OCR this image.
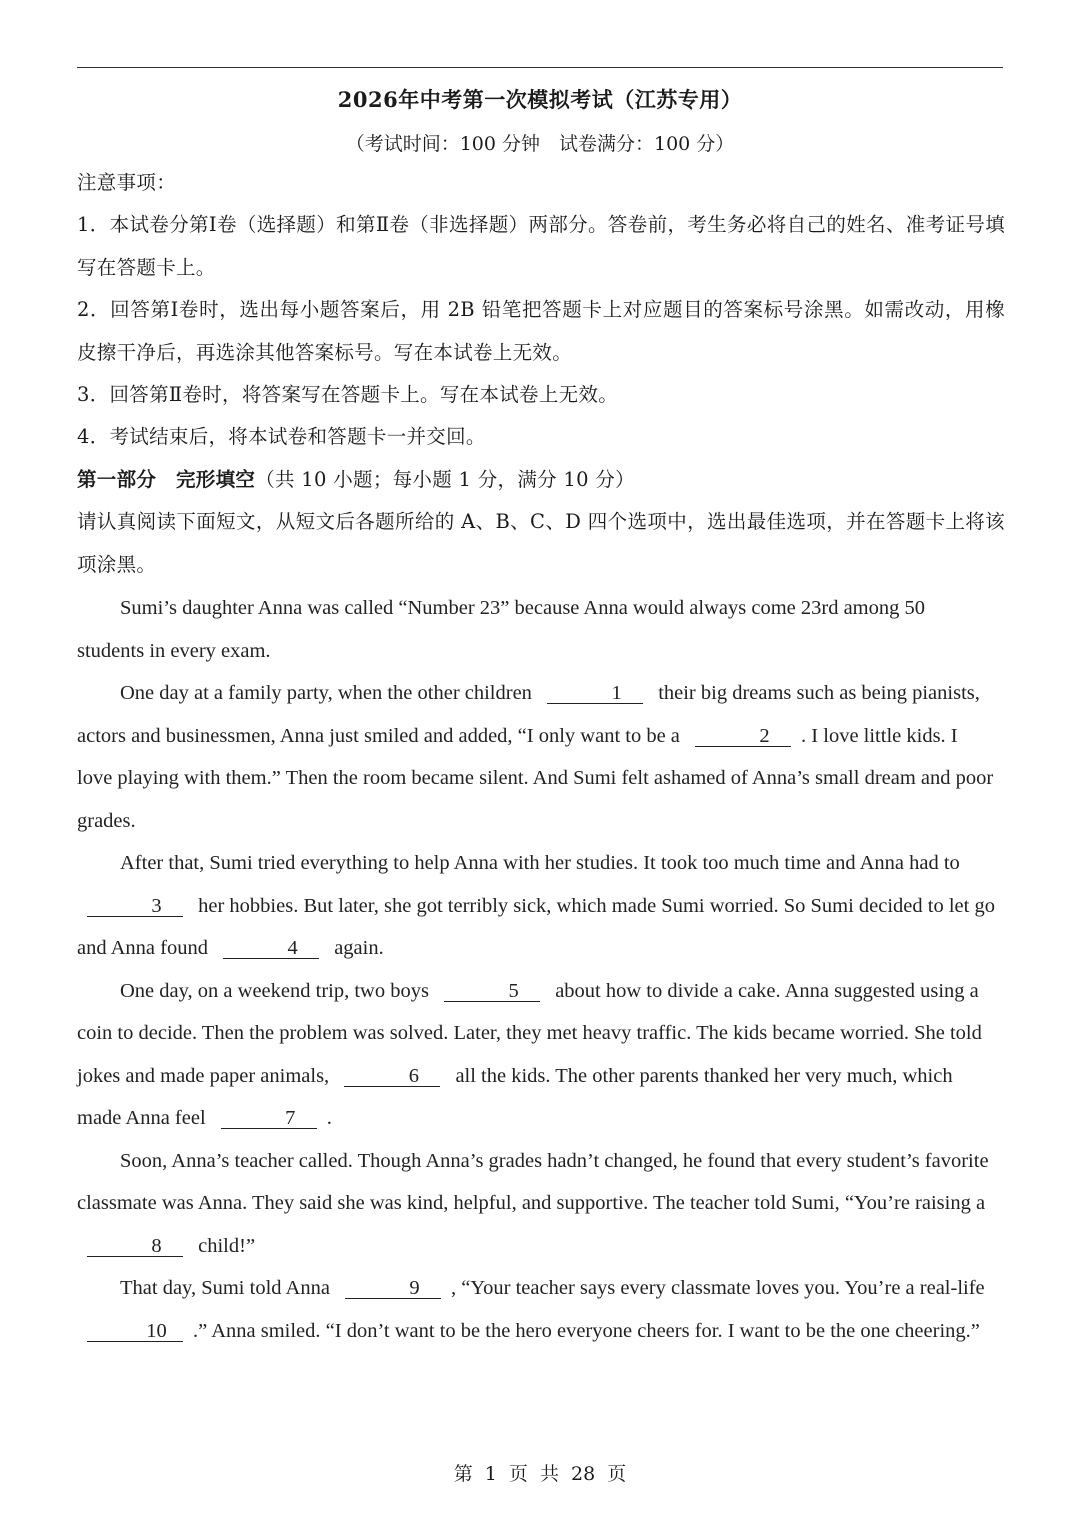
2026年中考第一次模拟考试（江苏专用）
（考试时间：100 分钟　试卷满分：100 分）
注意事项：
1．本试卷分第Ⅰ卷（选择题）和第Ⅱ卷（非选择题）两部分。答卷前，考生务必将自己的姓名、准考证号填写在答题卡上。
2．回答第Ⅰ卷时，选出每小题答案后，用 2B 铅笔把答题卡上对应题目的答案标号涂黑。如需改动，用橡皮擦干净后，再选涂其他答案标号。写在本试卷上无效。
3．回答第Ⅱ卷时，将答案写在答题卡上。写在本试卷上无效。
4．考试结束后，将本试卷和答题卡一并交回。
第一部分　完形填空（共 10 小题；每小题 1 分，满分 10 分）
请认真阅读下面短文，从短文后各题所给的 A、B、C、D 四个选项中，选出最佳选项，并在答题卡上将该项涂黑。

Sumi’s daughter Anna was called “Number 23” because Anna would always come 23rd among 50 students in every exam.

One day at a family party, when the other children	1 their big dreams such as being pianists, actors and businessmen, Anna just smiled and added, “I only want to be a	2 . I love little kids. I love playing with them.” Then the room became silent. And Sumi felt ashamed of Anna’s small dream and poor grades.

After that, Sumi tried everything to help Anna with her studies. It took too much time and Anna had to 3 her hobbies. But later, she got terribly sick, which made Sumi worried. So Sumi decided to let go and Anna found	4 again.

One day, on a weekend trip, two boys	5 about how to divide a cake. Anna suggested using a coin to decide. Then the problem was solved. Later, they met heavy traffic. The kids became worried. She told jokes and made paper animals,	6 all the kids. The other parents thanked her very much, which made Anna feel	7 .

Soon, Anna’s teacher called. Though Anna’s grades hadn’t changed, he found that every student’s favorite classmate was Anna. They said she was kind, helpful, and supportive. The teacher told Sumi, “You’re raising a 8 child!”

That day, Sumi told Anna	9 , “Your teacher says every classmate loves you. You’re a real-life 10 .” Anna smiled. “I don’t want to be the hero everyone cheers for. I want to be the one cheering.”

第 1 页 共 28 页
